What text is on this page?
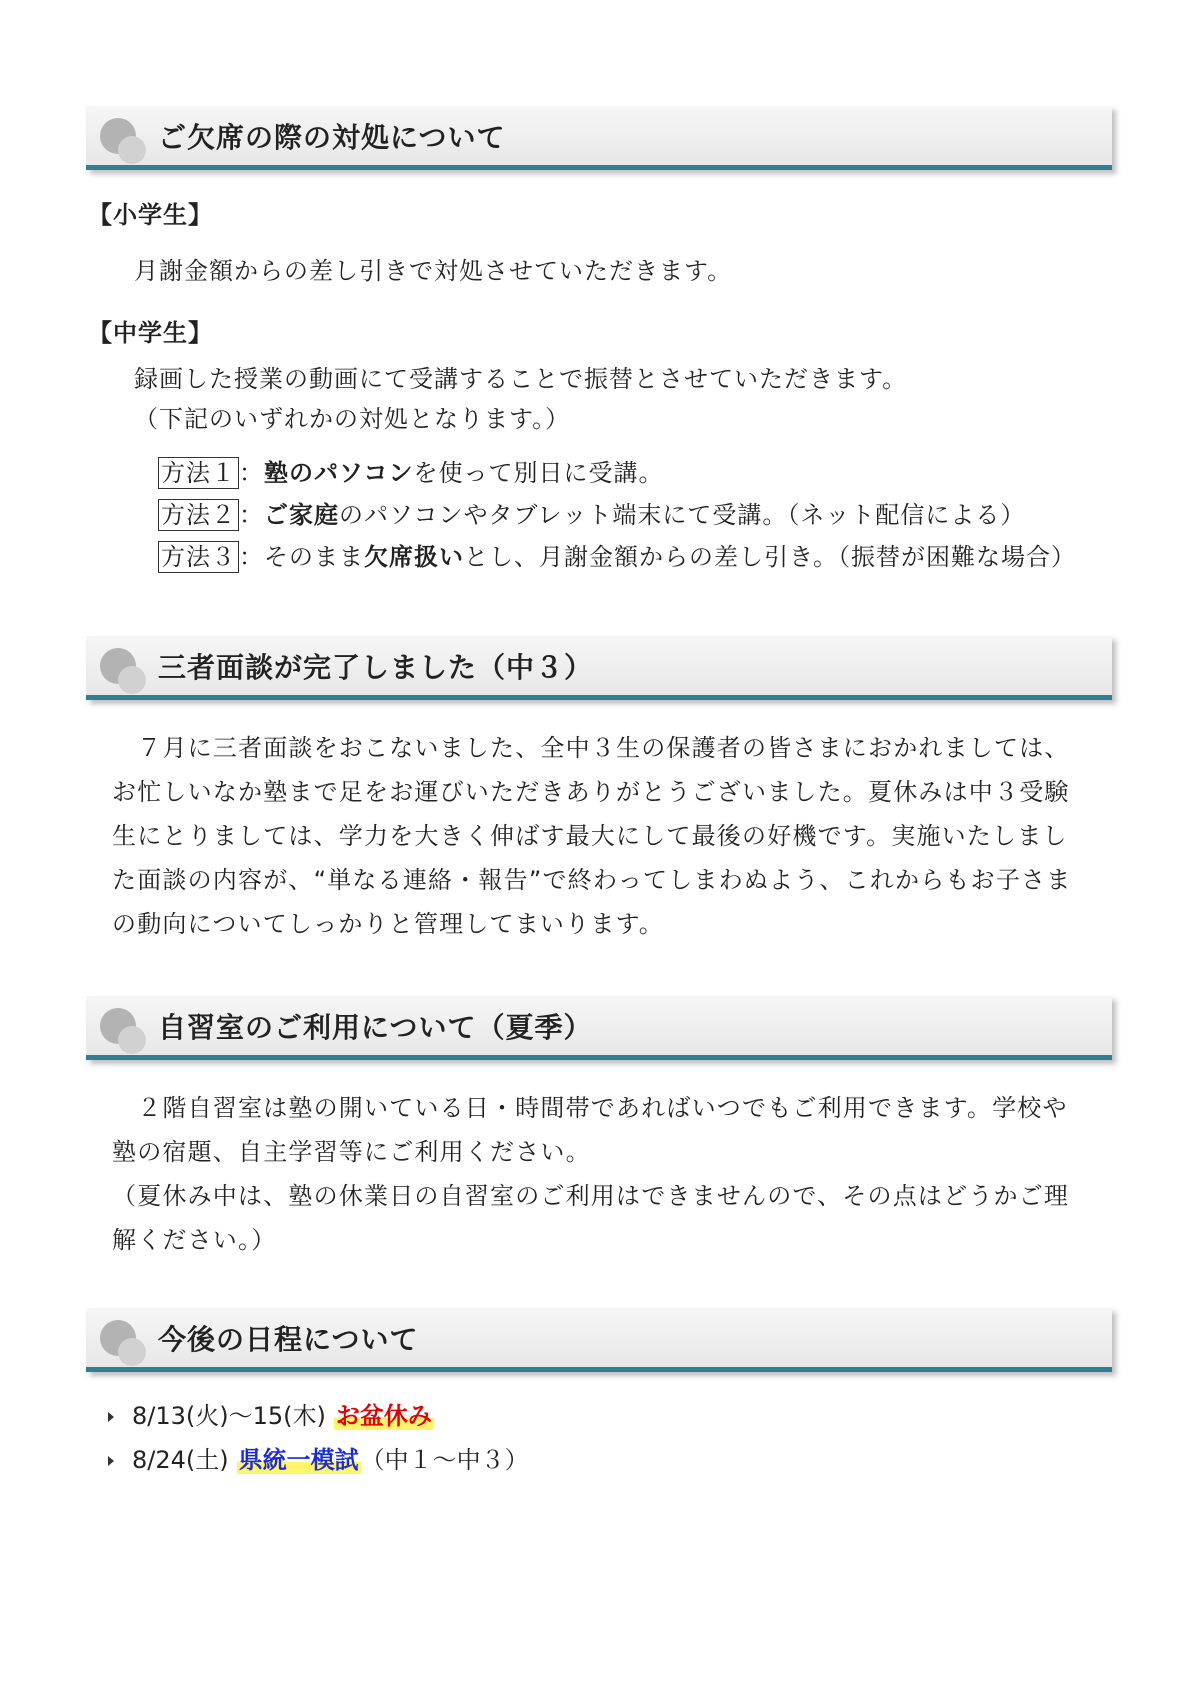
ご欠席の際の対処について
【小学生】
月謝金額からの差し引きで対処させていただきます。
【中学生】
録画した授業の動画にて受講することで振替とさせていただきます。
（下記のいずれかの対処となります。）
方法１ ：塾のパソコンを使って別日に受講。
方法２ ：ご家庭のパソコンやタブレット端末にて受講。（ネット配信による）
方法３ ：そのまま欠席扱いとし、月謝金額からの差し引き。（振替が困難な場合）
三者面談が完了しました（中３）
　７月に三者面談をおこないました、全中３生の保護者の皆さまにおかれましては、お忙しいなか塾まで足をお運びいただきありがとうございました。夏休みは中３受験生にとりましては、学力を大きく伸ばす最大にして最後の好機です。実施いたしました面談の内容が、“単なる連絡・報告”で終わってしまわぬよう、これからもお子さまの動向についてしっかりと管理してまいります。
自習室のご利用について（夏季）
　２階自習室は塾の開いている日・時間帯であればいつでもご利用できます。学校や塾の宿題、自主学習等にご利用ください。
（夏休み中は、塾の休業日の自習室のご利用はできませんので、その点はどうかご理解ください。）
今後の日程について
8/13(火)〜15(木) お盆休み
8/24(土) 県統一模試（中１〜中３）
